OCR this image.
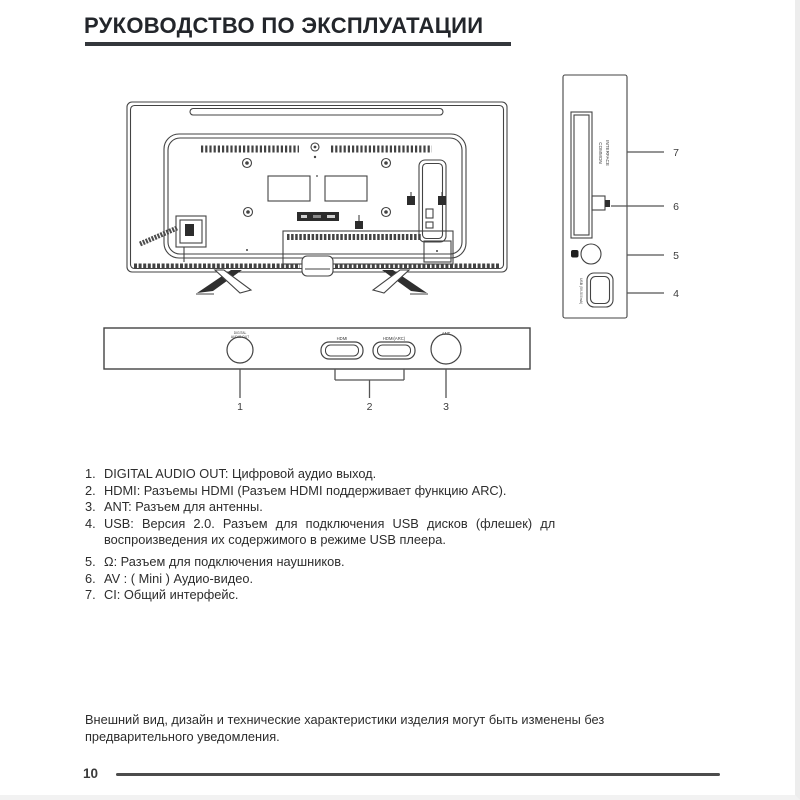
РУКОВОДСТВО ПО ЭКСПЛУАТАЦИИ
COMMON INTERFACE
USB (5V-500mA)
7
6
5
4
DIGITAL
AUDIO OUT	HDMI	HDMI(ARC)
ANT
1	2	3
1. DIGITAL AUDIO OUT: Цифровой аудио выход.
2. HDMI: Разъемы HDMI (Разъем HDMI поддерживает функцию ARC).
3. ANT: Разъем для антенны.
4. USB: Версия 2.0. Разъем для подключения USB дисков (флешек) дл
воспроизведения их содержимого в режиме USB плеера.
5. Ω: Разъем для подключения наушников.
6. AV : ( Mini ) Аудио-видео.
7. CI: Общий интерфейс.
Внешний вид, дизайн и технические характеристики изделия могут быть изменены без
предварительного уведомления.
10
